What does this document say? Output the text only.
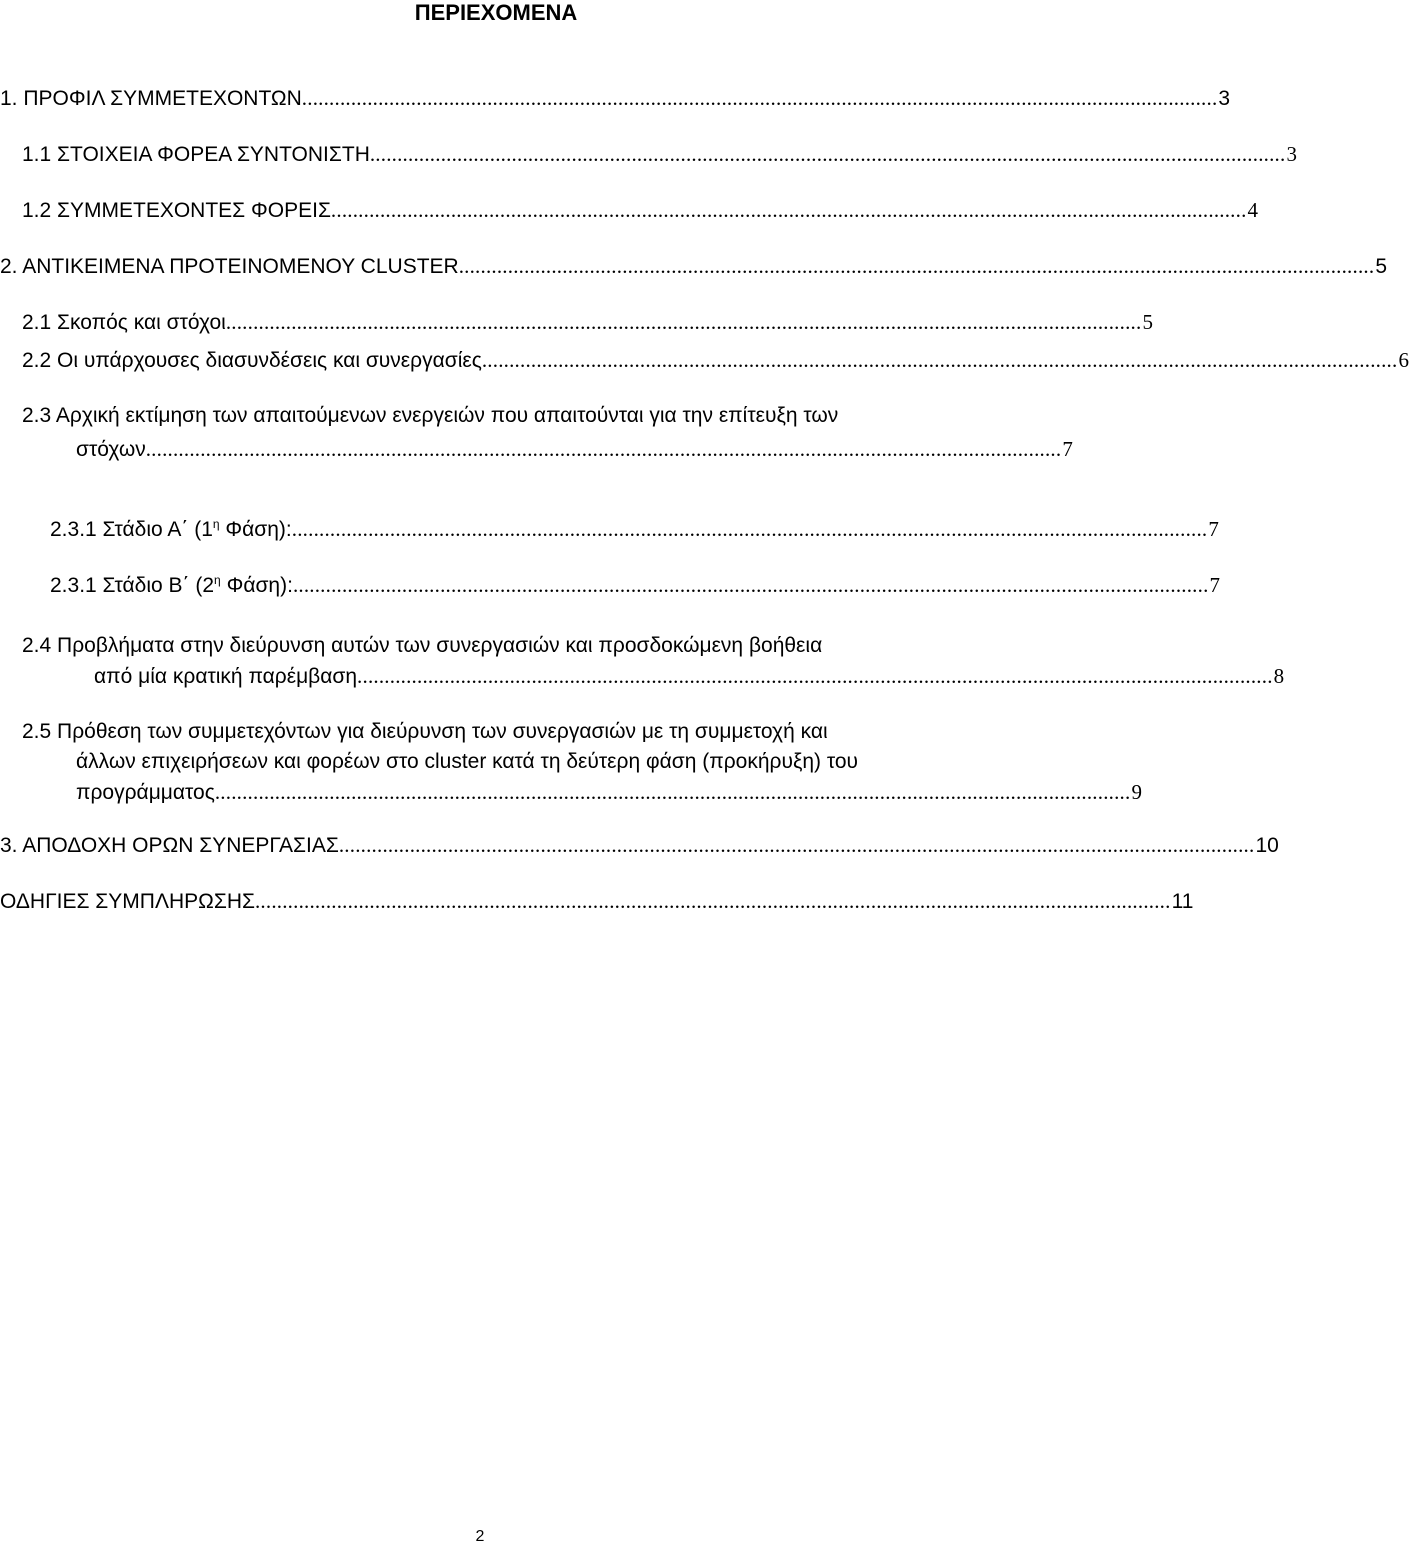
ΠΕΡΙΕΧΟΜΕΝΑ
1. ΠΡΟΦΙΛ ΣΥΜΜΕΤΕΧΟΝΤΩΝ ........................................................................................................................................................................ 3
1.1 ΣΤΟΙΧΕΙΑ ΦΟΡΕΑ ΣΥΝΤΟΝΙΣΤΗ ........................................................................................................................................................................ 3
1.2 ΣΥΜΜΕΤΕΧΟΝΤΕΣ ΦΟΡΕΙΣ ........................................................................................................................................................................ 4
2. ΑΝΤΙΚΕΙΜΕΝΑ ΠΡΟΤΕΙΝΟΜΕΝΟΥ CLUSTER ........................................................................................................................................................................ 5
2.1 Σκοπός και στόχοι ........................................................................................................................................................................ 5
2.2 Οι υπάρχουσες διασυνδέσεις και συνεργασίες ........................................................................................................................................................................ 6
2.3 Αρχική εκτίμηση των απαιτούμενων ενεργειών που απαιτούνται για την επίτευξη των
στόχων ........................................................................................................................................................................ 7
2.3.1 Στάδιο Α΄ ($1^\eta$ Φάση): ........................................................................................................................................................................ 7
2.3.1 Στάδιο Β΄ ($2^\eta$ Φάση): ........................................................................................................................................................................ 7
2.4 Προβλήματα στην διεύρυνση αυτών των συνεργασιών και προσδοκώμενη βοήθεια
από μία κρατική παρέμβαση ........................................................................................................................................................................ 8
2.5 Πρόθεση των συμμετεχόντων για διεύρυνση των συνεργασιών με τη συμμετοχή και
άλλων επιχειρήσεων και φορέων στο cluster κατά τη δεύτερη φάση (προκήρυξη) του
προγράμματος ........................................................................................................................................................................ 9
3. ΑΠΟΔΟΧΗ ΟΡΩΝ ΣΥΝΕΡΓΑΣΙΑΣ ........................................................................................................................................................................ 10
ΟΔΗΓΙΕΣ ΣΥΜΠΛΗΡΩΣΗΣ ........................................................................................................................................................................ 11
2
